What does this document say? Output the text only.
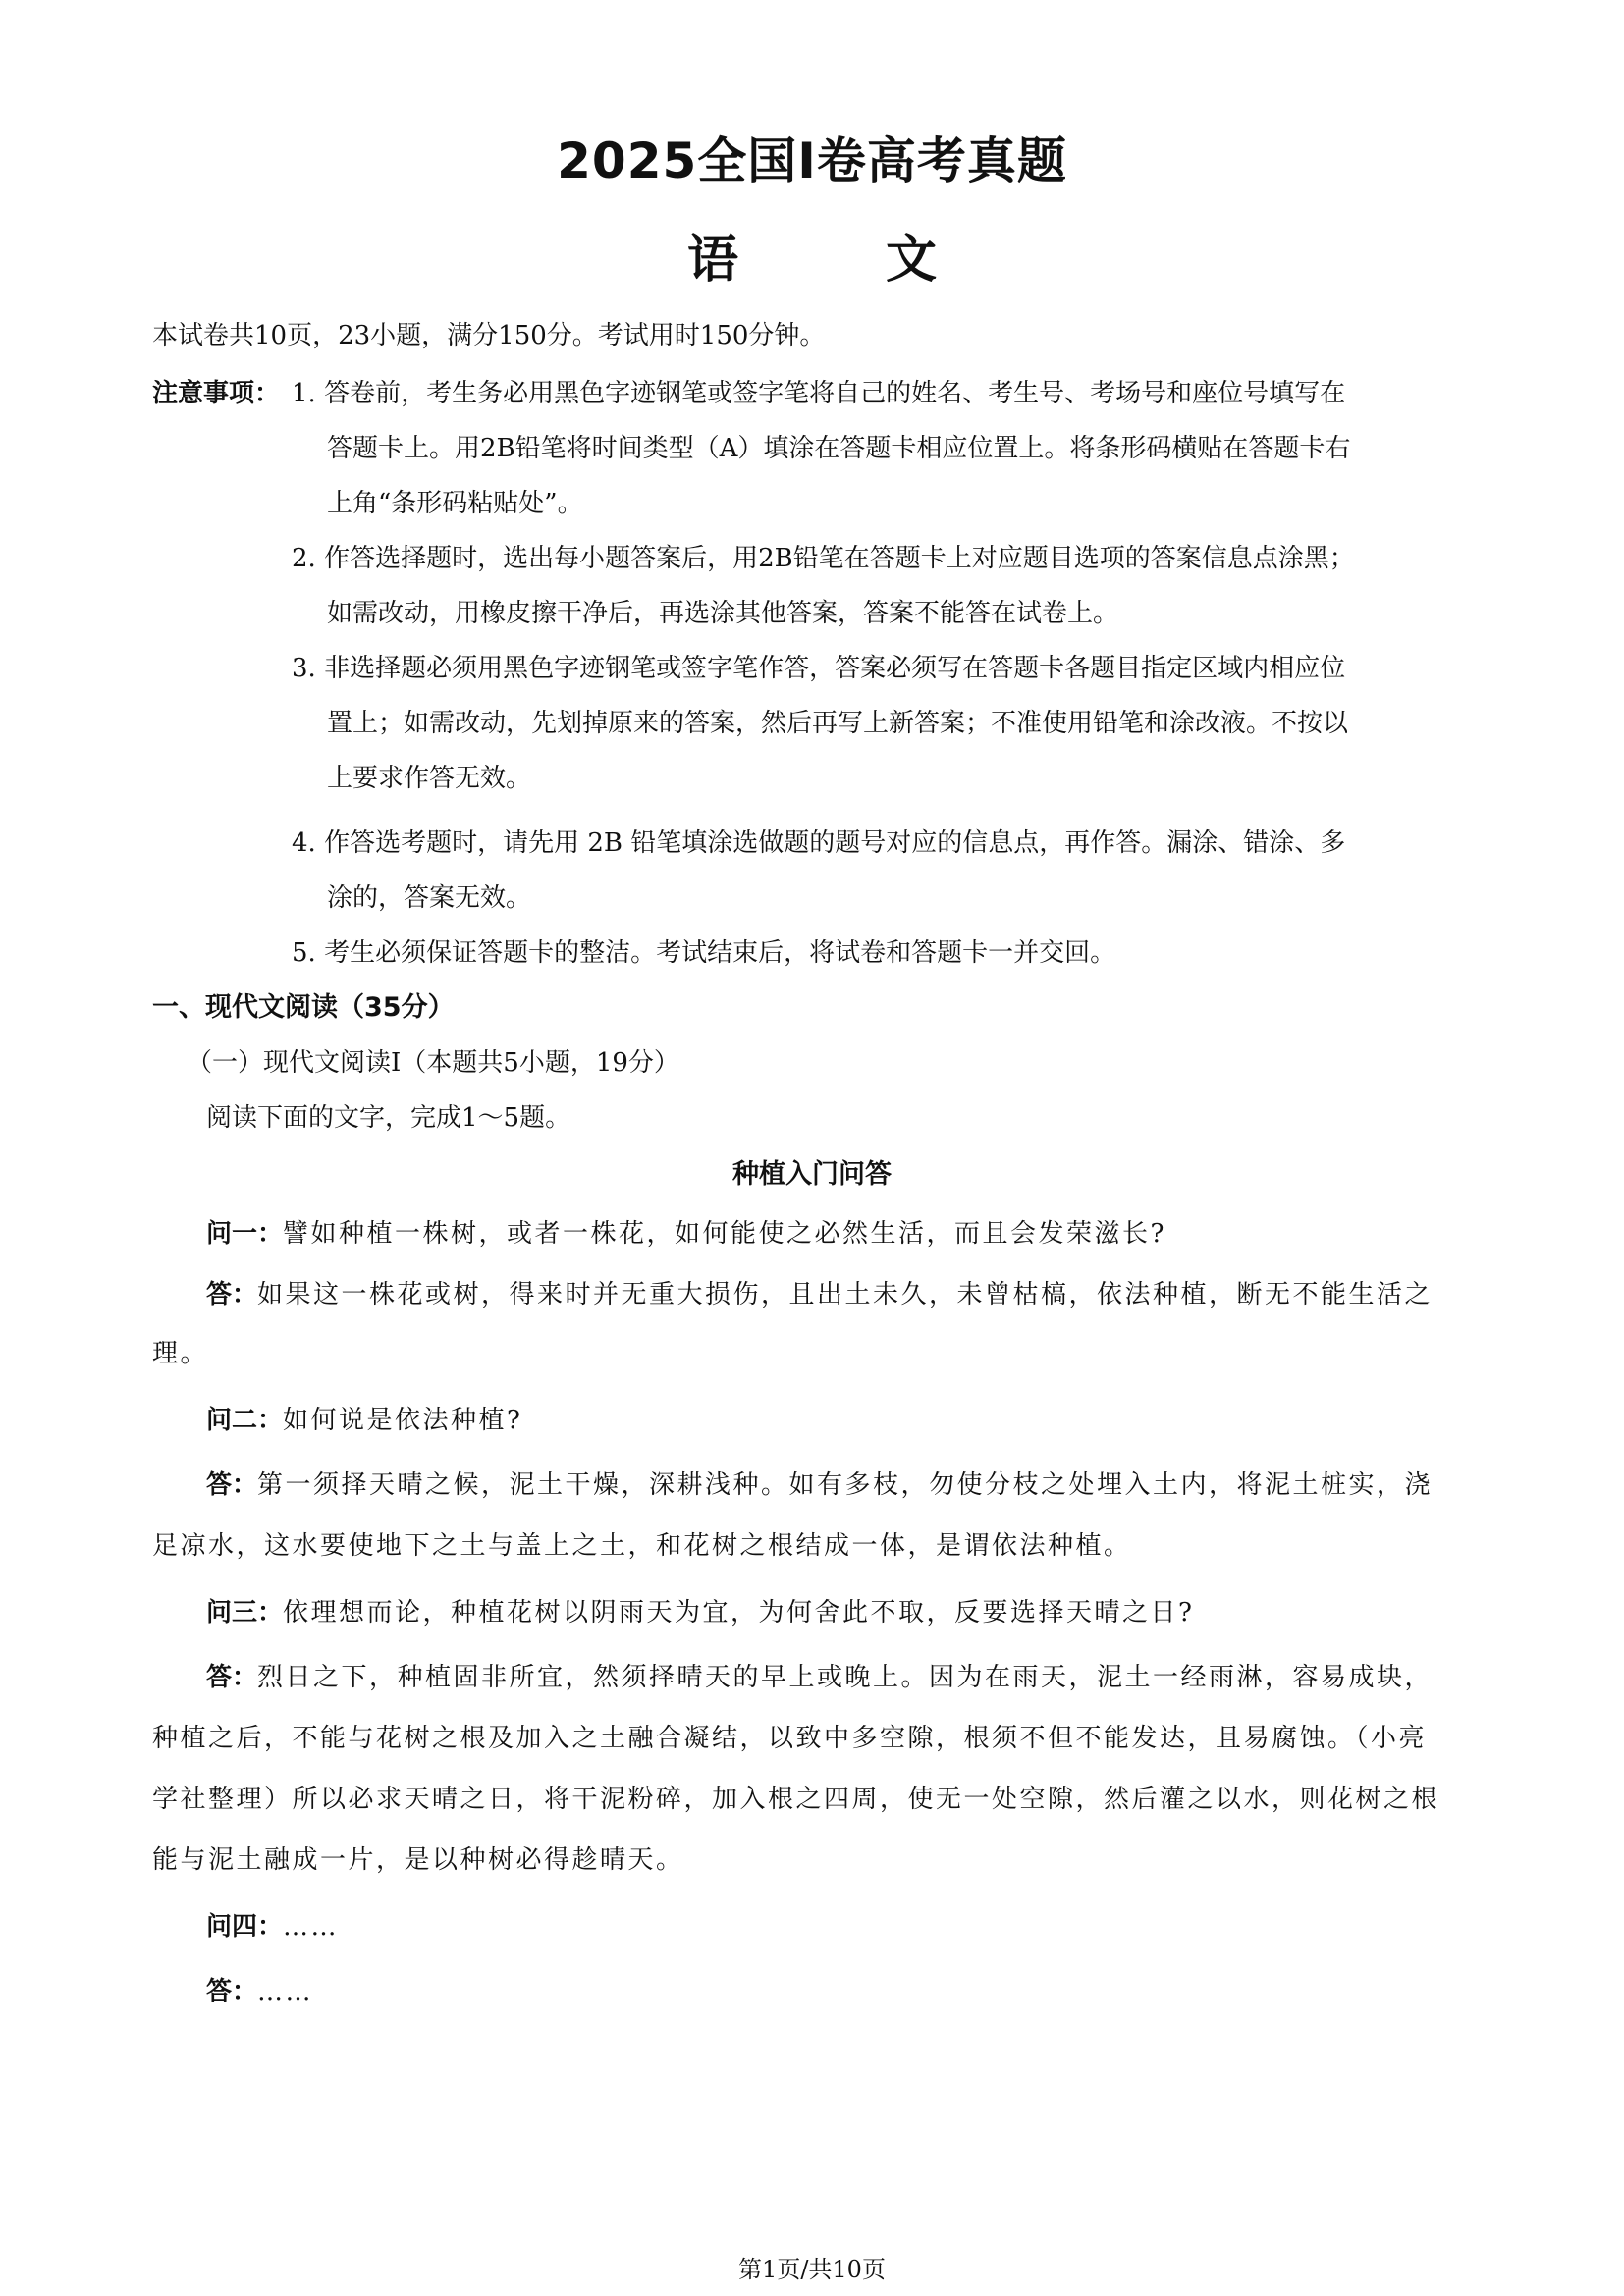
2025全国Ⅰ卷高考真题
语	文
本试卷共10页，23小题，满分150分。考试用时150分钟。
注意事项： 1. 答卷前，考生务必用黑色字迹钢笔或签字笔将自己的姓名、考生号、考场号和座位号填写在
答题卡上。用2B铅笔将时间类型（A）填涂在答题卡相应位置上。将条形码横贴在答题卡右
上角“条形码粘贴处”。
2. 作答选择题时，选出每小题答案后，用2B铅笔在答题卡上对应题目选项的答案信息点涂黑；
如需改动，用橡皮擦干净后，再选涂其他答案，答案不能答在试卷上。
3. 非选择题必须用黑色字迹钢笔或签字笔作答，答案必须写在答题卡各题目指定区域内相应位
置上；如需改动，先划掉原来的答案，然后再写上新答案；不准使用铅笔和涂改液。不按以
上要求作答无效。
4. 作答选考题时，请先用 2B 铅笔填涂选做题的题号对应的信息点，再作答。漏涂、错涂、多
涂的，答案无效。
5. 考生必须保证答题卡的整洁。考试结束后，将试卷和答题卡一并交回。
一、现代文阅读（35分）
（一）现代文阅读Ⅰ（本题共5小题，19分）
阅读下面的文字，完成1～5题。
种植入门问答
问一：譬如种植一株树，或者一株花，如何能使之必然生活，而且会发荣滋长?
答：如果这一株花或树，得来时并无重大损伤，且出土未久，未曾枯槁，依法种植，断无不能生活之
理。
问二：如何说是依法种植?
答：第一须择天晴之候，泥土干燥，深耕浅种。如有多枝，勿使分枝之处埋入土内，将泥土桩实，浇
足凉水，这水要使地下之土与盖上之土，和花树之根结成一体，是谓依法种植。
问三：依理想而论，种植花树以阴雨天为宜，为何舍此不取，反要选择天晴之日?
答：烈日之下，种植固非所宜，然须择晴天的早上或晚上。因为在雨天，泥土一经雨淋，容易成块，
种植之后，不能与花树之根及加入之土融合凝结，以致中多空隙，根须不但不能发达，且易腐蚀。（小亮
学社整理）所以必求天晴之日，将干泥粉碎，加入根之四周，使无一处空隙，然后灌之以水，则花树之根
能与泥土融成一片，是以种树必得趁晴天。
问四：……
答：……
第1页/共10页
